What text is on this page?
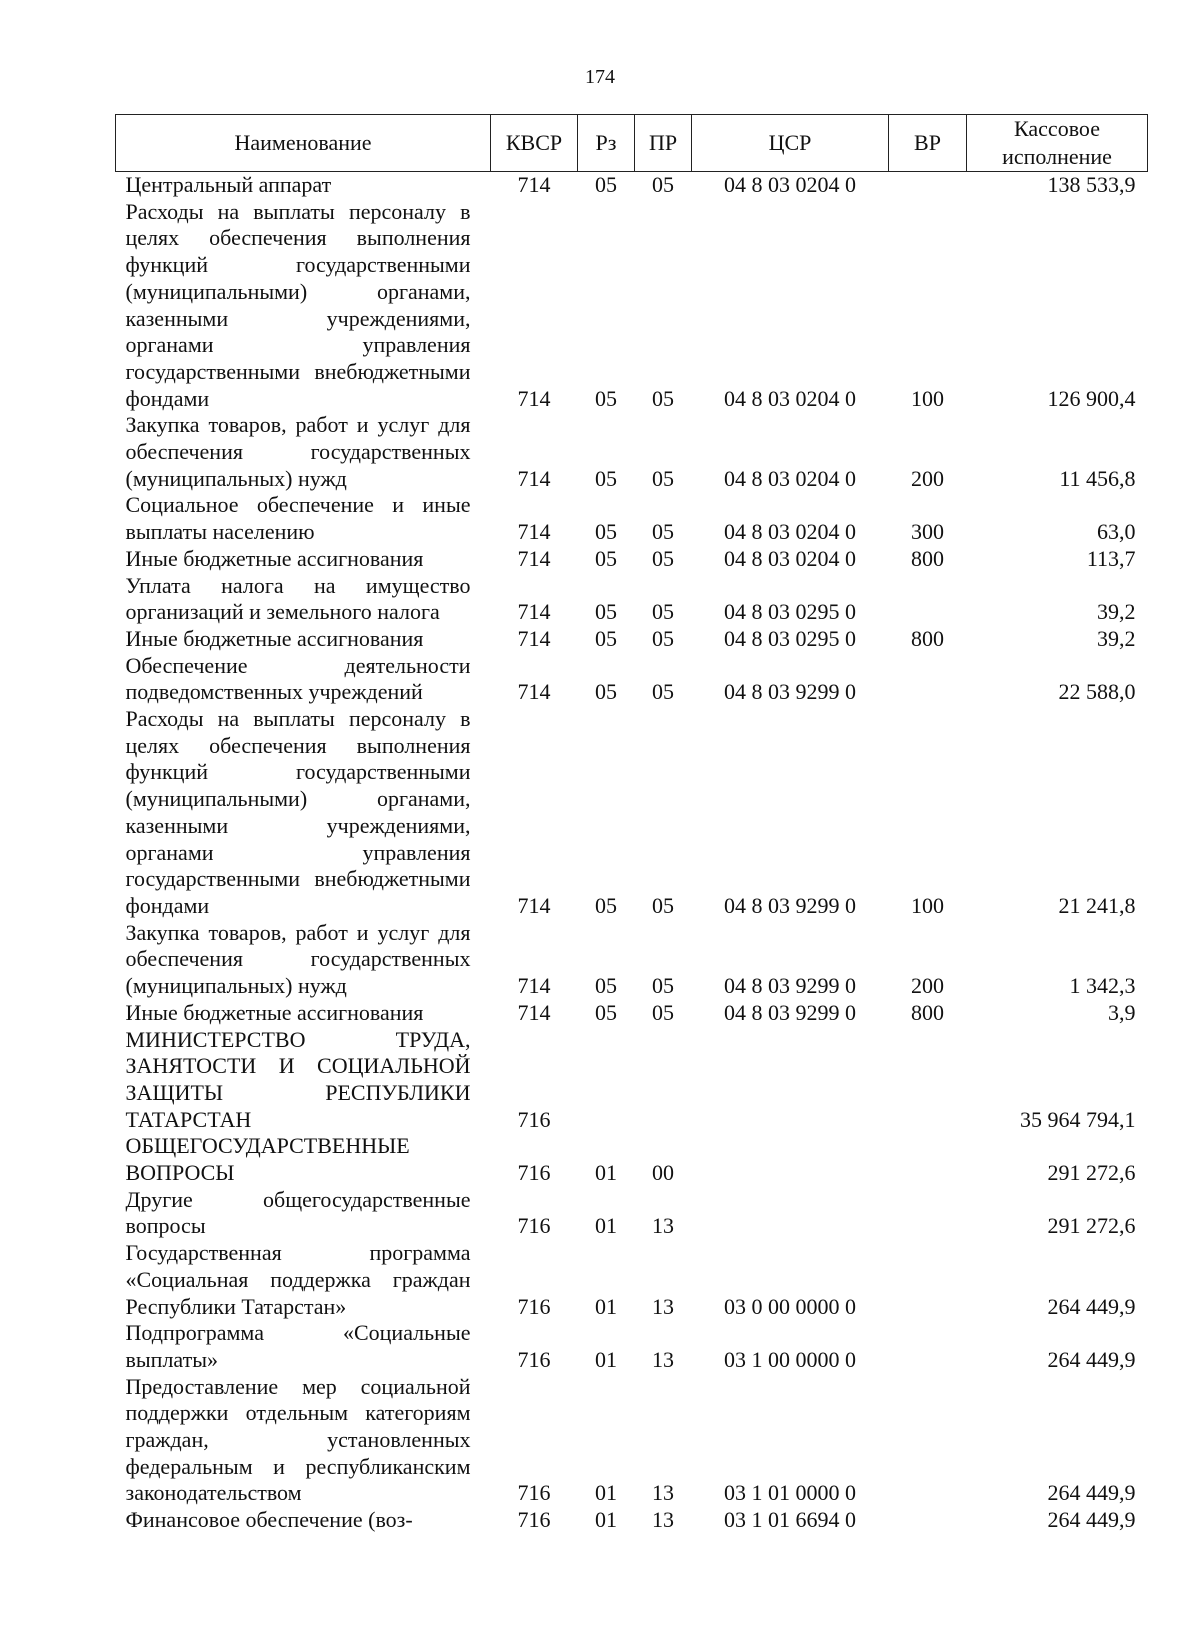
174
Наименование	КВСР	Рз	ПР	ЦСР	ВР	Кассовое исполнение
Центральный аппарат	714	05	05	04 8 03 0204 0		138 533,9
Расходы на выплаты персоналу в целях обеспечения выполнения функций государственными (муниципальными) органами, казенными учреждениями, органами управления государственными внебюджетными фондами	714	05	05	04 8 03 0204 0	100	126 900,4
Закупка товаров, работ и услуг для обеспечения государственных (муниципальных) нужд	714	05	05	04 8 03 0204 0	200	11 456,8
Социальное обеспечение и иные выплаты населению	714	05	05	04 8 03 0204 0	300	63,0
Иные бюджетные ассигнования	714	05	05	04 8 03 0204 0	800	113,7
Уплата налога на имущество организаций и земельного налога	714	05	05	04 8 03 0295 0		39,2
Иные бюджетные ассигнования	714	05	05	04 8 03 0295 0	800	39,2
Обеспечение деятельности подведомственных учреждений	714	05	05	04 8 03 9299 0		22 588,0
Расходы на выплаты персоналу в целях обеспечения выполнения функций государственными (муниципальными) органами, казенными учреждениями, органами управления государственными внебюджетными фондами	714	05	05	04 8 03 9299 0	100	21 241,8
Закупка товаров, работ и услуг для обеспечения государственных (муниципальных) нужд	714	05	05	04 8 03 9299 0	200	1 342,3
Иные бюджетные ассигнования	714	05	05	04 8 03 9299 0	800	3,9
МИНИСТЕРСТВО ТРУДА, ЗАНЯТОСТИ И СОЦИАЛЬНОЙ ЗАЩИТЫ РЕСПУБЛИКИ ТАТАРСТАН	716					35 964 794,1
ОБЩЕГОСУДАРСТВЕННЫЕ ВОПРОСЫ	716	01	00			291 272,6
Другие общегосударственные вопросы	716	01	13			291 272,6
Государственная программа «Социальная поддержка граждан Республики Татарстан»	716	01	13	03 0 00 0000 0		264 449,9
Подпрограмма «Социальные выплаты»	716	01	13	03 1 00 0000 0		264 449,9
Предоставление мер социальной поддержки отдельным категориям граждан, установленных федеральным и республиканским законодательством	716	01	13	03 1 01 0000 0		264 449,9
Финансовое обеспечение (воз-	716	01	13	03 1 01 6694 0		264 449,9
